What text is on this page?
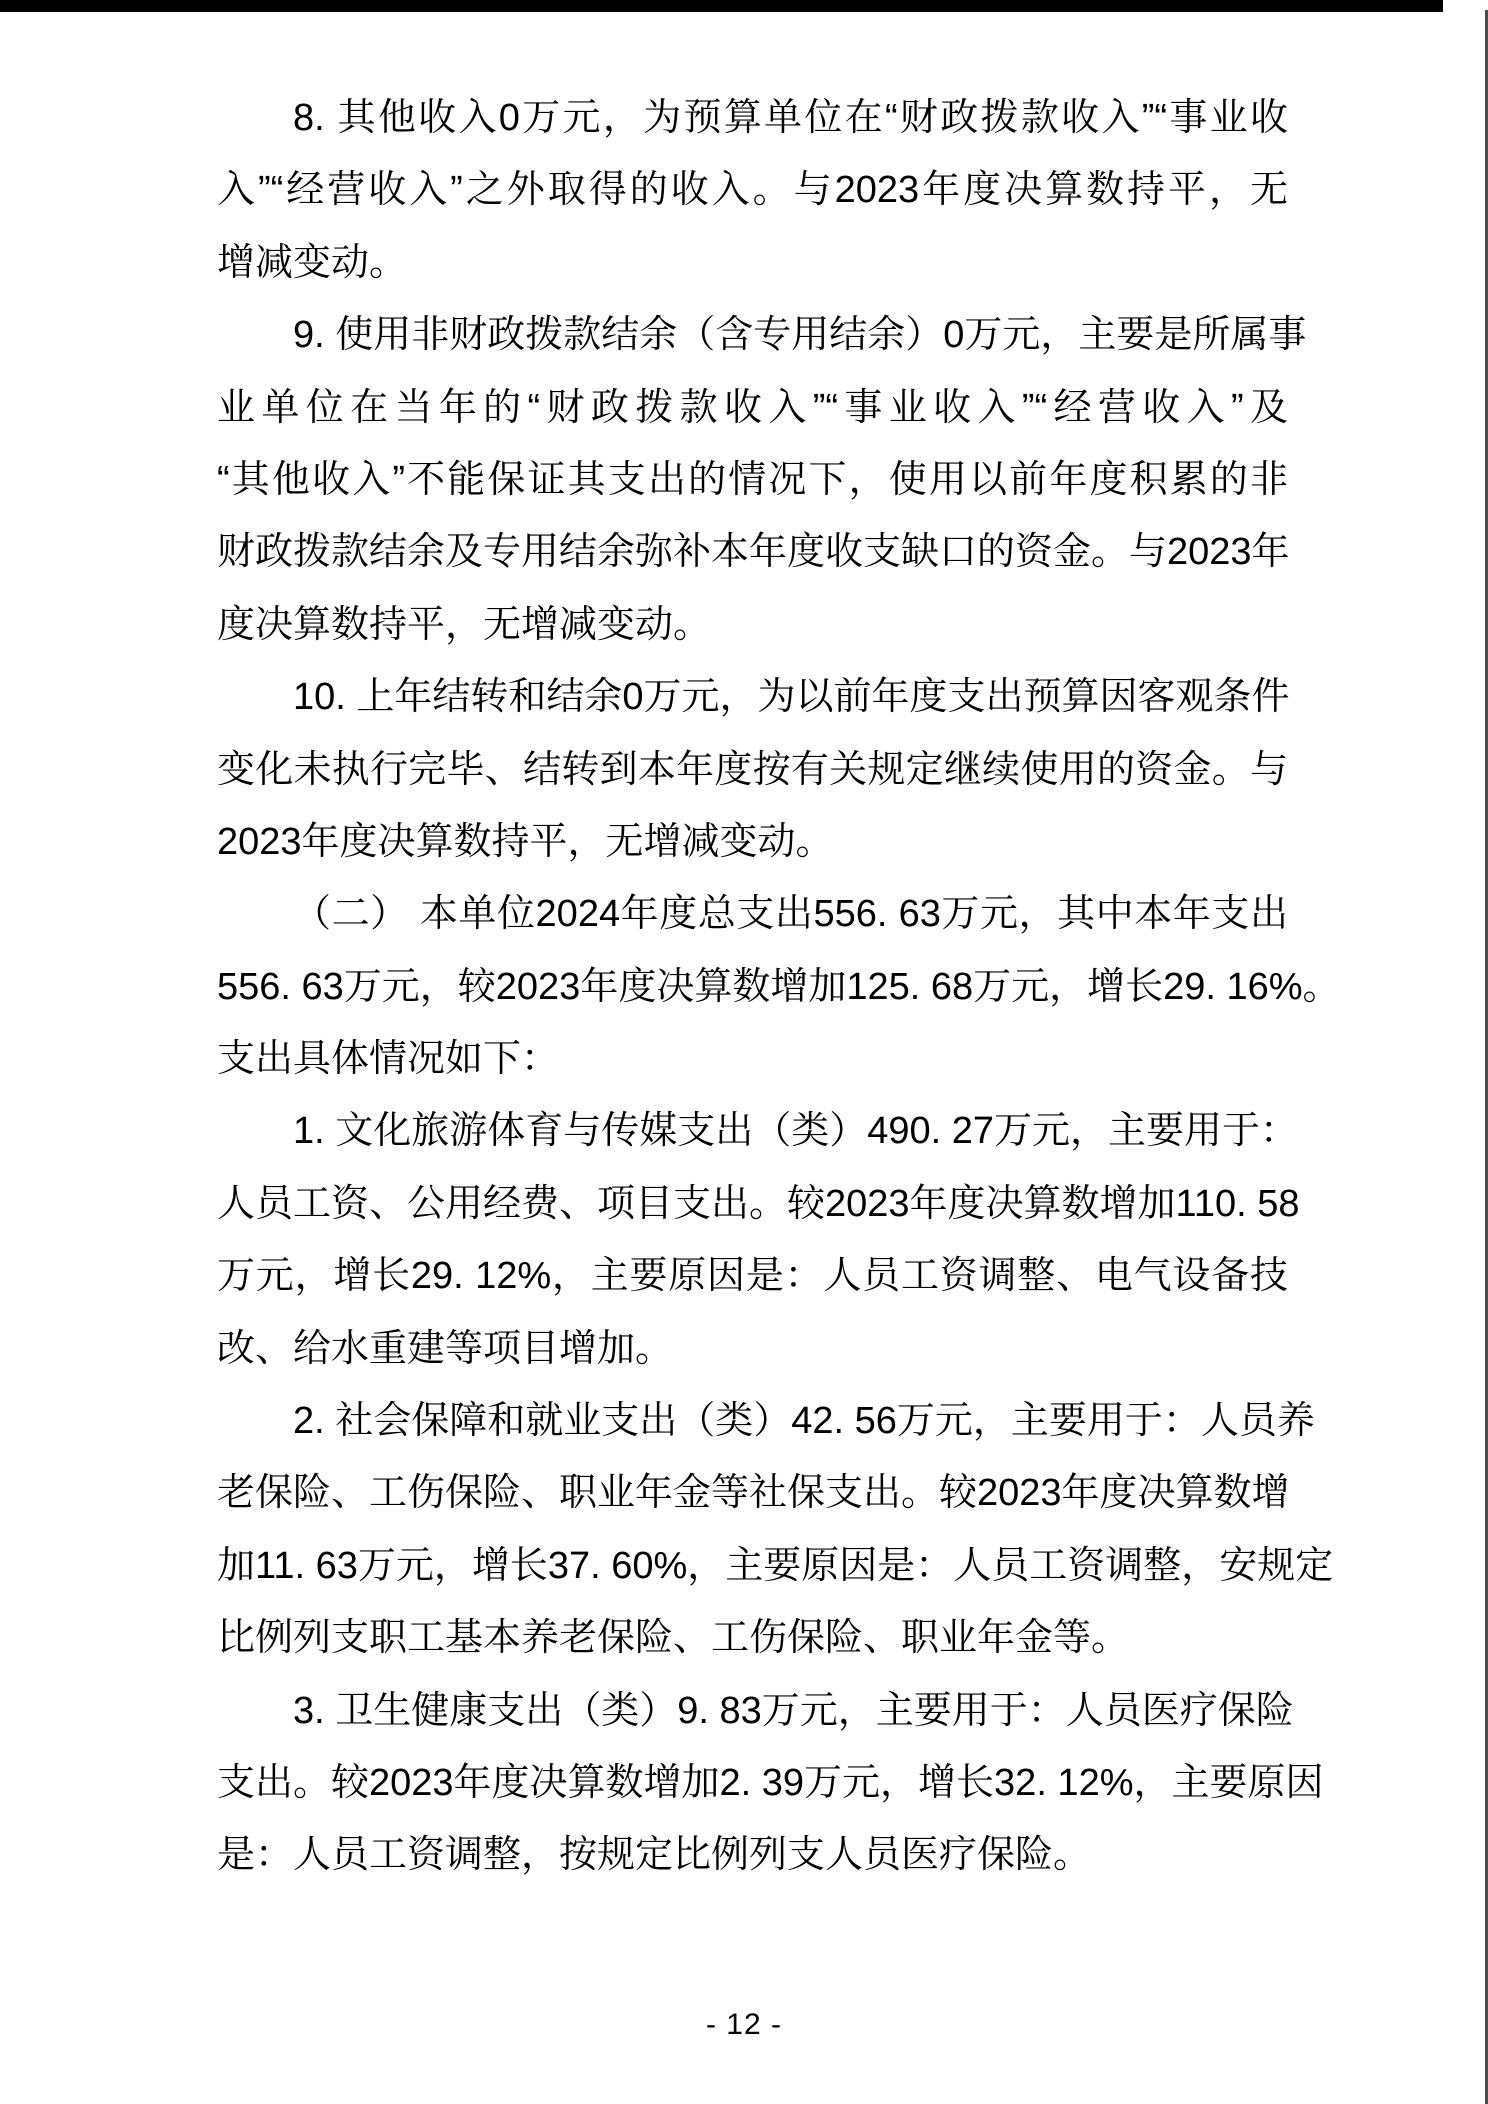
8. 其他收入0万元，为预算单位在“财政拨款收入”“事业收
入”“经营收入”之外取得的收入。与2023年度决算数持平，无
增减变动。
9. 使用非财政拨款结余（含专用结余）0万元，主要是所属事
业单位在当年的“财政拨款收入”“事业收入”“经营收入”及
“其他收入”不能保证其支出的情况下，使用以前年度积累的非
财政拨款结余及专用结余弥补本年度收支缺口的资金。与2023年
度决算数持平，无增减变动。
10. 上年结转和结余0万元，为以前年度支出预算因客观条件
变化未执行完毕、结转到本年度按有关规定继续使用的资金。与
2023年度决算数持平，无增减变动。
（二） 本单位2024年度总支出556. 63万元，其中本年支出
556. 63万元，较2023年度决算数增加125. 68万元，增长29. 16%。
支出具体情况如下：
1. 文化旅游体育与传媒支出（类）490. 27万元，主要用于：
人员工资、公用经费、项目支出。较2023年度决算数增加110. 58
万元，增长29. 12%，主要原因是：人员工资调整、电气设备技
改、给水重建等项目增加。
2. 社会保障和就业支出（类）42. 56万元，主要用于：人员养
老保险、工伤保险、职业年金等社保支出。较2023年度决算数增
加11. 63万元，增长37. 60%，主要原因是：人员工资调整，安规定
比例列支职工基本养老保险、工伤保险、职业年金等。
3. 卫生健康支出（类）9. 83万元，主要用于：人员医疗保险
支出。较2023年度决算数增加2. 39万元，增长32. 12%，主要原因
是：人员工资调整，按规定比例列支人员医疗保险。
- 12 -
